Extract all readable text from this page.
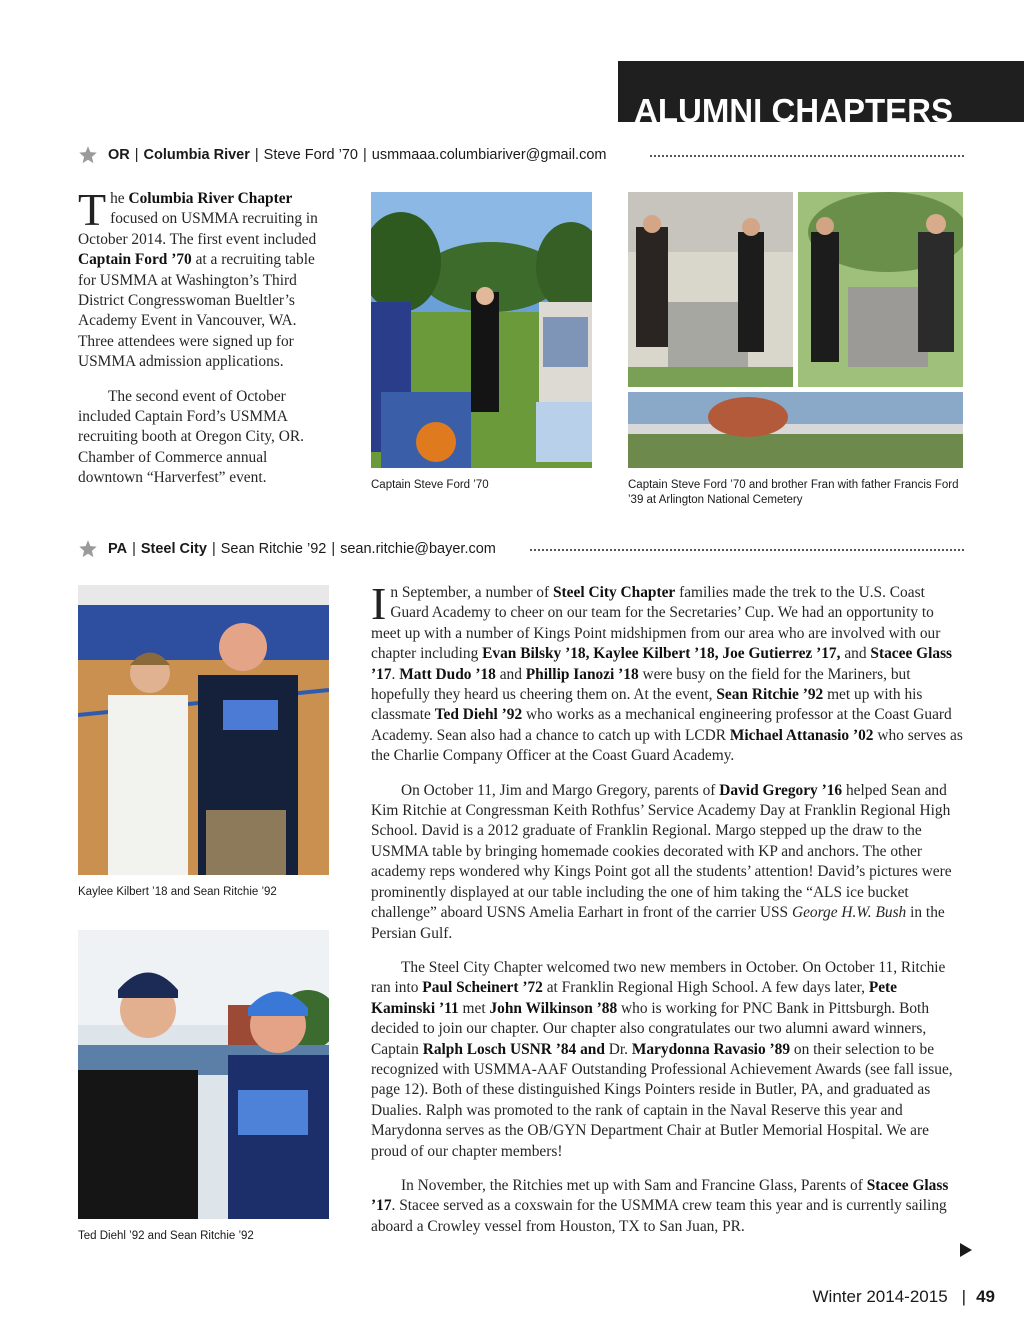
ALUMNI CHAPTERS
OR | Columbia River | Steve Ford ’70 | usmmaaa.columbiariver@gmail.com

The Columbia River Chapter focused on USMMA recruiting in October 2014. The first event included Captain Ford ’70 at a recruiting table for USMMA at Washington’s Third District Congresswoman Bueltler’s Academy Event in Vancouver, WA. Three attendees were signed up for USMMA admission applications.

The second event of October included Captain Ford’s USMMA recruiting booth at Oregon City, OR. Chamber of Commerce annual downtown “Harverfest” event.	Captain Steve Ford ’70	Captain Steve Ford ’70 and brother Fran with father Francis Ford ’39 at Arlington National Cemetery
PA | Steel City | Sean Ritchie ’92 | sean.ritchie@bayer.com
Kaylee Kilbert ’18 and Sean Ritchie ’92
Ted Diehl ’92 and Sean Ritchie ’92

In September, a number of Steel City Chapter families made the trek to the U.S. Coast Guard Academy to cheer on our team for the Secretaries’ Cup. We had an opportunity to meet up with a number of Kings Point midshipmen from our area who are involved with our chapter including Evan Bilsky ’18, Kaylee Kilbert ’18, Joe Gutierrez ’17, and Stacee Glass ’17. Matt Dudo ’18 and Phillip Ianozi ’18 were busy on the field for the Mariners, but hopefully they heard us cheering them on. At the event, Sean Ritchie ’92 met up with his classmate Ted Diehl ’92 who works as a mechanical engineering professor at the Coast Guard Academy. Sean also had a chance to catch up with LCDR Michael Attanasio ’02 who serves as the Charlie Company Officer at the Coast Guard Academy.

On October 11, Jim and Margo Gregory, parents of David Gregory ’16 helped Sean and Kim Ritchie at Congressman Keith Rothfus’ Service Academy Day at Franklin Regional High School. David is a 2012 graduate of Franklin Regional. Margo stepped up the draw to the USMMA table by bringing homemade cookies decorated with KP and anchors. The other academy reps wondered why Kings Point got all the students’ attention! David’s pictures were prominently displayed at our table including the one of him taking the “ALS ice bucket challenge” aboard USNS Amelia Earhart in front of the carrier USS George H.W. Bush in the Persian Gulf.

The Steel City Chapter welcomed two new members in October. On October 11, Ritchie ran into Paul Scheinert ’72 at Franklin Regional High School. A few days later, Pete Kaminski ’11 met John Wilkinson ’88 who is working for PNC Bank in Pittsburgh. Both decided to join our chapter. Our chapter also congratulates our two alumni award winners, Captain Ralph Losch USNR ’84 and Dr. Marydonna Ravasio ’89 on their selection to be recognized with USMMA-AAF Outstanding Professional Achievement Awards (see fall issue, page 12). Both of these distinguished Kings Pointers reside in Butler, PA, and graduated as Dualies. Ralph was promoted to the rank of captain in the Naval Reserve this year and Marydonna serves as the OB/GYN Department Chair at Butler Memorial Hospital. We are proud of our chapter members!

In November, the Ritchies met up with Sam and Francine Glass, Parents of Stacee Glass ’17. Stacee served as a coxswain for the USMMA crew team this year and is currently sailing aboard a Crowley vessel from Houston, TX to San Juan, PR.

Winter 2014-2015 | 49
